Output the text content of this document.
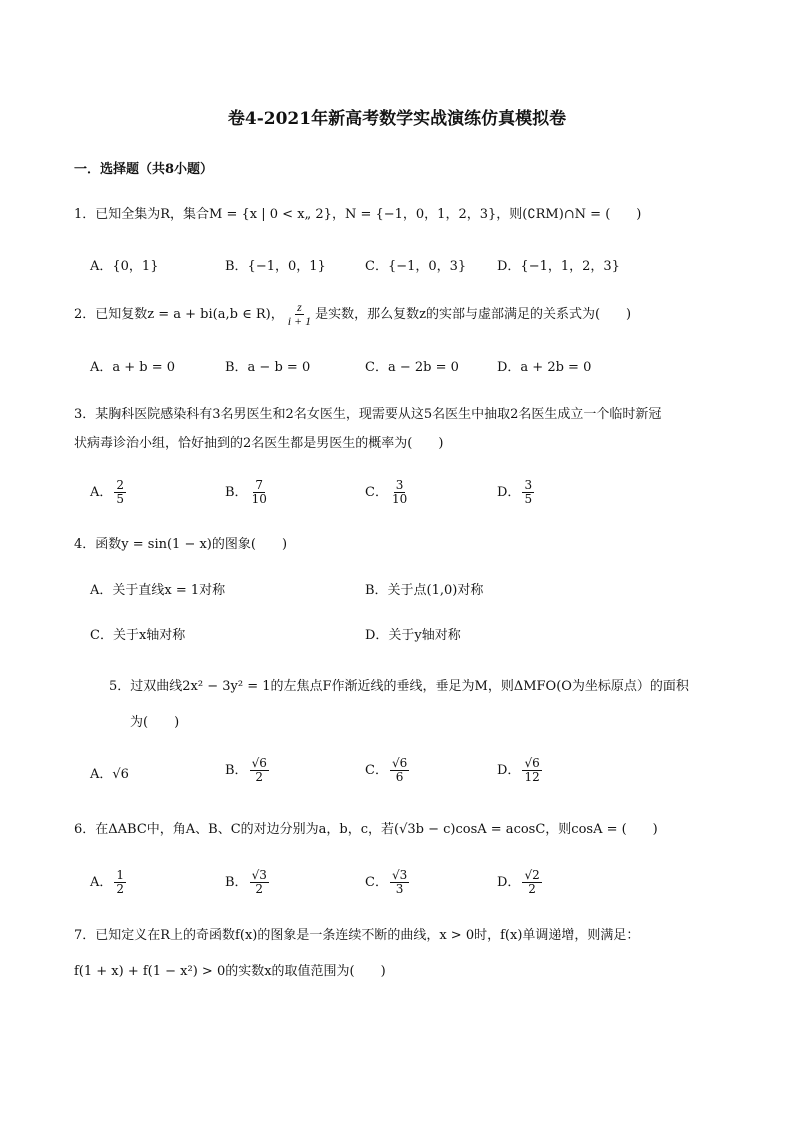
卷4-2021年新高考数学实战演练仿真模拟卷
一．选择题（共8小题）
1．已知全集为R，集合M = {x | 0 < x„ 2}，N = {−1，0，1，2，3}，则(∁RM)∩N = (　　)
A．{0，1}	B．{−1，0，1}	C．{−1，0，3} D．{−1，1，2，3}
2．已知复数z = a + bi(a,b ∈ R)， $\frac{z}{i + 1}$ 是实数，那么复数z的实部与虚部满足的关系式为(　　)
A．a + b = 0	B．a − b = 0	C．a − 2b = 0	D．a + 2b = 0
3．某胸科医院感染科有3名男医生和2名女医生，现需要从这5名医生中抽取2名医生成立一个临时新冠
状病毒诊治小组，恰好抽到的2名医生都是男医生的概率为(　　)
A． $\frac{2}{5}$	B． $\frac{7}{10}$	C． $\frac{3}{10}$	D． $\frac{3}{5}$
4．函数y = sin(1 − x)的图象(　　)
A．关于直线x = 1对称	B．关于点(1,0)对称
C．关于x轴对称	D．关于y轴对称
5．过双曲线2x² − 3y² = 1的左焦点F作渐近线的垂线，垂足为M，则ΔMFO(O为坐标原点）的面积
为(　　)
A．√6	B． $\frac{√6}{2}$	C． $\frac{√6}{6}$	D． $\frac{√6}{12}$
6．在ΔABC中，角A、B、C的对边分别为a，b，c，若(√3b − c)cosA = acosC，则cosA = (　　)
A． $\frac{1}{2}$	B． $\frac{√3}{2}$	C． $\frac{√3}{3}$	D． $\frac{√2}{2}$
7．已知定义在R上的奇函数f(x)的图象是一条连续不断的曲线，x > 0时，f(x)单调递增，则满足：
f(1 + x) + f(1 − x²) > 0的实数x的取值范围为(　　)
